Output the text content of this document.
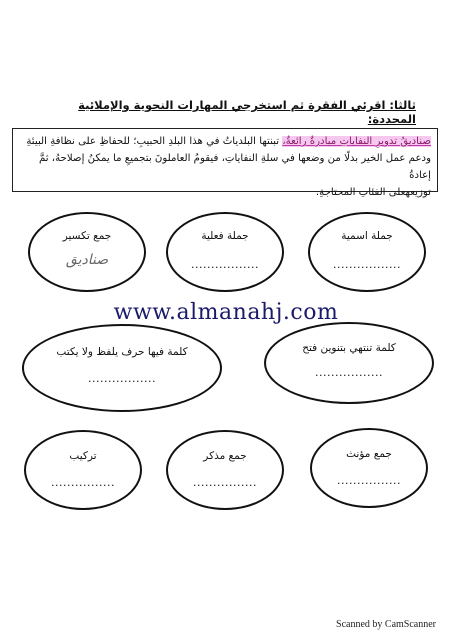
ثالثا: اقرئي الفقرة ثم استخرجي المهارات النحوية والإملائية المحددة:
صناديقُ تدويرِ النفاياتِ مبادرةٌ رائعةٌ، تبنتها البلدياتُ في هذا البلدِ الحبيبِ؛ للحفاظِ على نظافةِ البيئةِ
ودعم عمل الخير بدلًا من وضعها في سلةِ النفاياتِ، فيقومُ العاملونَ بتجميعِ ما يمكنُ إصلاحهُ، ثمَّ إعادةُ
توزيعهعلى الفئاتِ المحتاجةِ.
جمع تكسير
صناديق
جملة فعلية
.................
جملة اسمية
.................
www.almanahj.com
كلمة فيها حرف يلفظ ولا يكتب
.................
كلمة تنتهي بتنوين فتح
.................
تركيب
................
جمع مذكر
................
جمع مؤنث
................
Scanned by CamScanner
